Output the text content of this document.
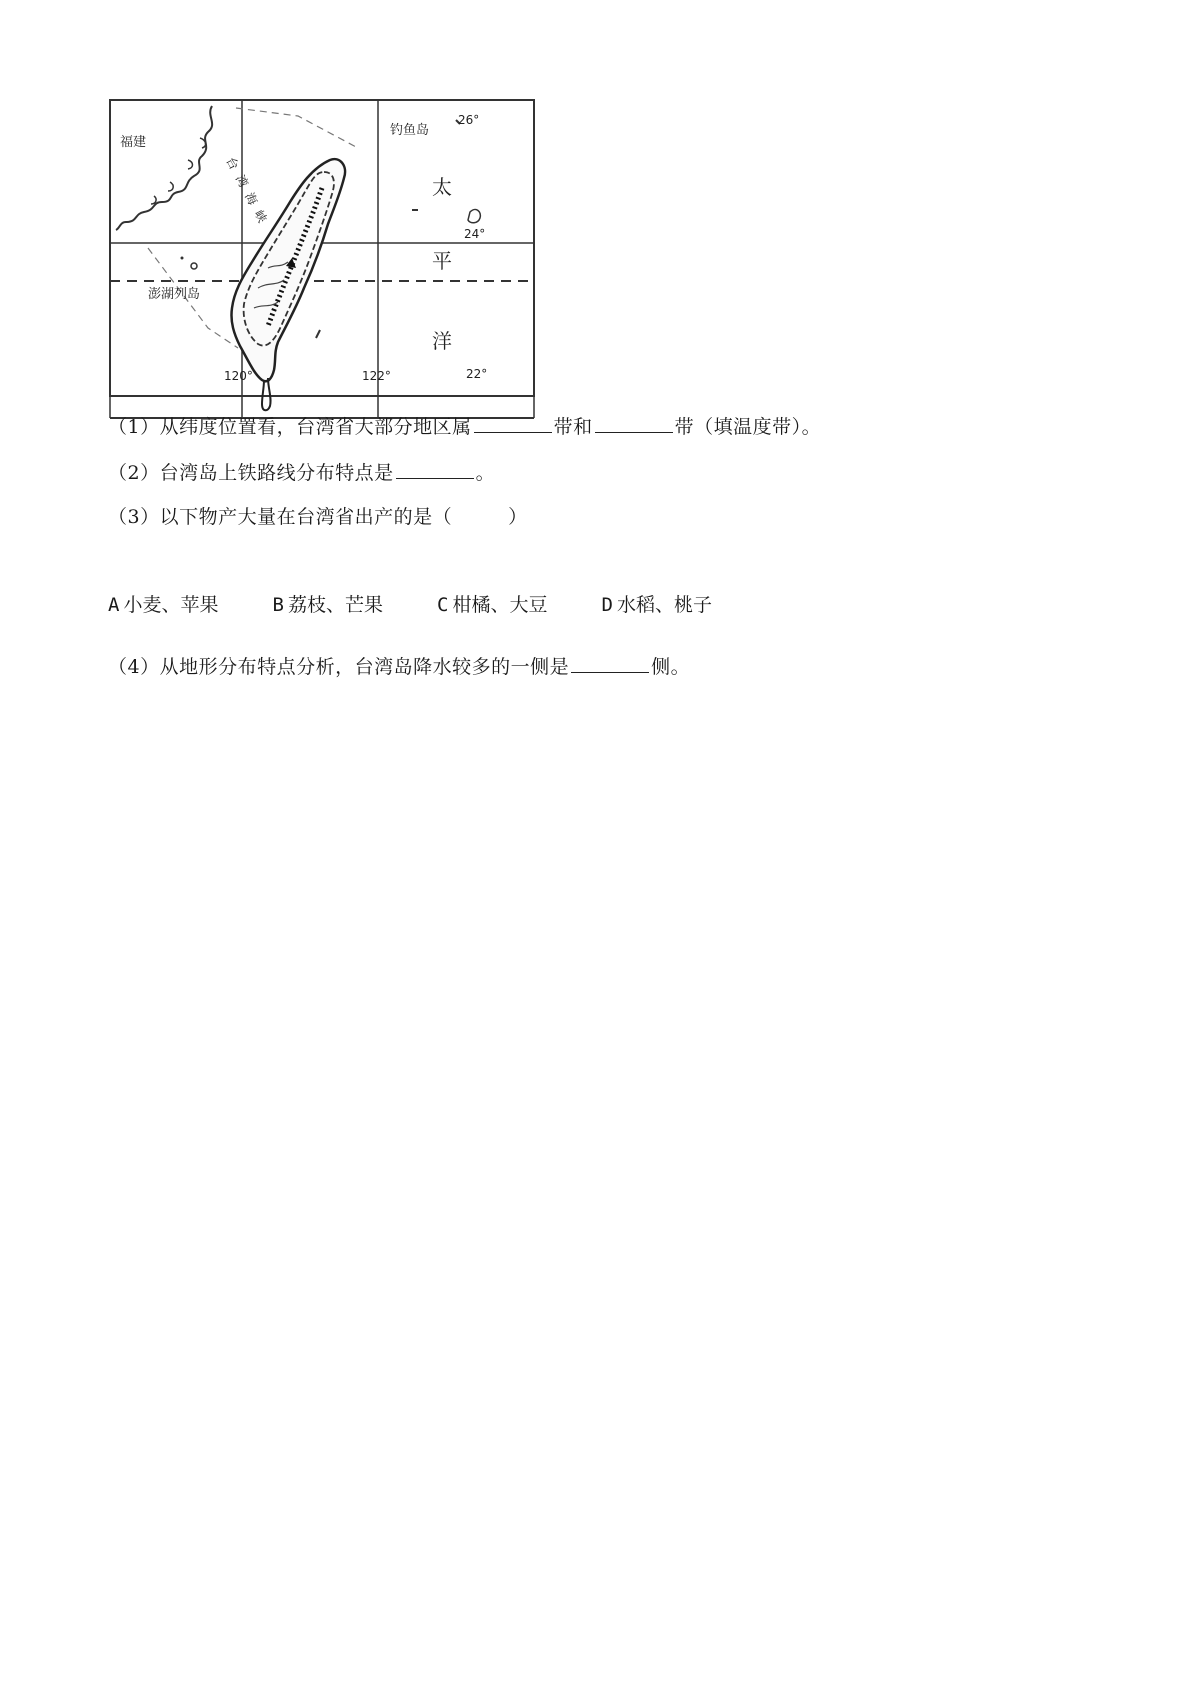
福建
钓鱼岛
26°
24°
22°
120°	122°
澎湖列岛
太
平
洋
台湾海峡
（1）从纬度位置看，台湾省大部分地区属	带和	带（填温度带）。
（2）台湾岛上铁路线分布特点是	。
（3）以下物产大量在台湾省出产的是（	）
A 小麦、苹果	B 荔枝、芒果	C 柑橘、大豆	D 水稻、桃子
（4）从地形分布特点分析，台湾岛降水较多的一侧是	侧。
